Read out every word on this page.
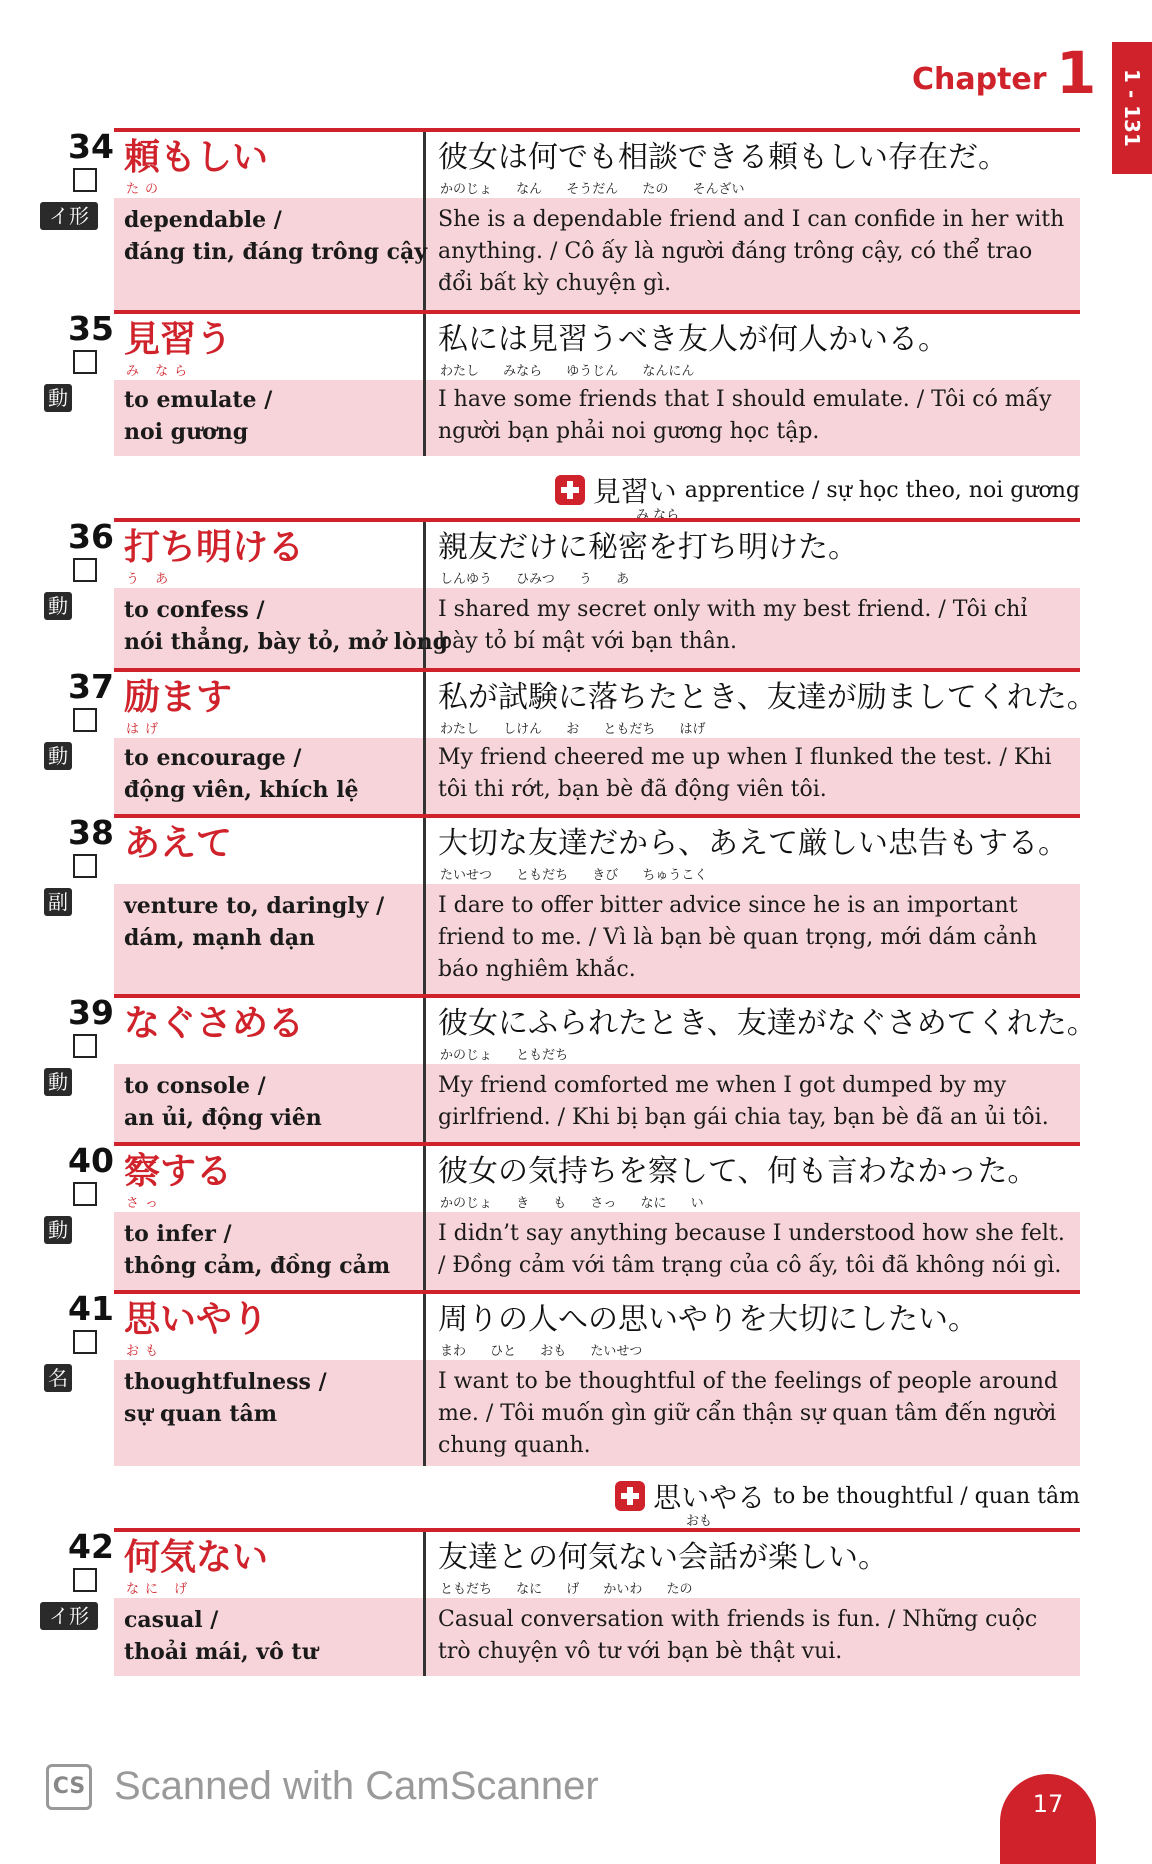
Chapter 1 1 - 131
34
イ形
頼もしい
たの
dependable /
đáng tin, đáng trông cậy
彼女は何でも相談できる頼もしい存在だ。
かのじょ なん そうだん たの そんざい
She is a dependable friend and I can confide in her with anything. / Cô ấy là người đáng trông cậy, có thể trao đổi bất kỳ chuyện gì.
35
動
見習う
み なら
to emulate /
noi gương
私には見習うべき友人が何人かいる。
わたし みなら ゆうじん なんにん
I have some friends that I should emulate. / Tôi có mấy người bạn phải noi gương học tập.
見習い apprentice / sự học theo, noi gương
み なら
36
動
打ち明ける
う あ
to confess /
nói thẳng, bày tỏ, mở lòng
親友だけに秘密を打ち明けた。
しんゆう ひみつ う あ
I shared my secret only with my best friend. / Tôi chỉ bày tỏ bí mật với bạn thân.
37
動
励ます
はげ
to encourage /
động viên, khích lệ
私が試験に落ちたとき、友達が励ましてくれた。
わたし しけん お ともだち はげ
My friend cheered me up when I flunked the test. / Khi tôi thi rớt, bạn bè đã động viên tôi.
38
副
あえて
venture to, daringly /
dám, mạnh dạn
大切な友達だから、あえて厳しい忠告もする。
たいせつ ともだち きび ちゅうこく
I dare to offer bitter advice since he is an important friend to me. / Vì là bạn bè quan trọng, mới dám cảnh báo nghiêm khắc.
39
動
なぐさめる
to console /
an ủi, động viên
彼女にふられたとき、友達がなぐさめてくれた。
かのじょ ともだち
My friend comforted me when I got dumped by my girlfriend. / Khi bị bạn gái chia tay, bạn bè đã an ủi tôi.
40
動
察する
さっ
to infer /
thông cảm, đồng cảm
彼女の気持ちを察して、何も言わなかった。
かのじょ き も さっ なに い
I didn’t say anything because I understood how she felt. / Đồng cảm với tâm trạng của cô ấy, tôi đã không nói gì.
41
名
思いやり
おも
thoughtfulness /
sự quan tâm
周りの人への思いやりを大切にしたい。
まわ ひと おも たいせつ
I want to be thoughtful of the feelings of people around me. / Tôi muốn gìn giữ cẩn thận sự quan tâm đến người chung quanh.
思いやる to be thoughtful / quan tâm
おも
42
イ形
何気ない
なに げ
casual /
thoải mái, vô tư
友達との何気ない会話が楽しい。
ともだち なに げ かいわ たの
Casual conversation with friends is fun. / Những cuộc trò chuyện vô tư với bạn bè thật vui.
CS Scanned with CamScanner	17
